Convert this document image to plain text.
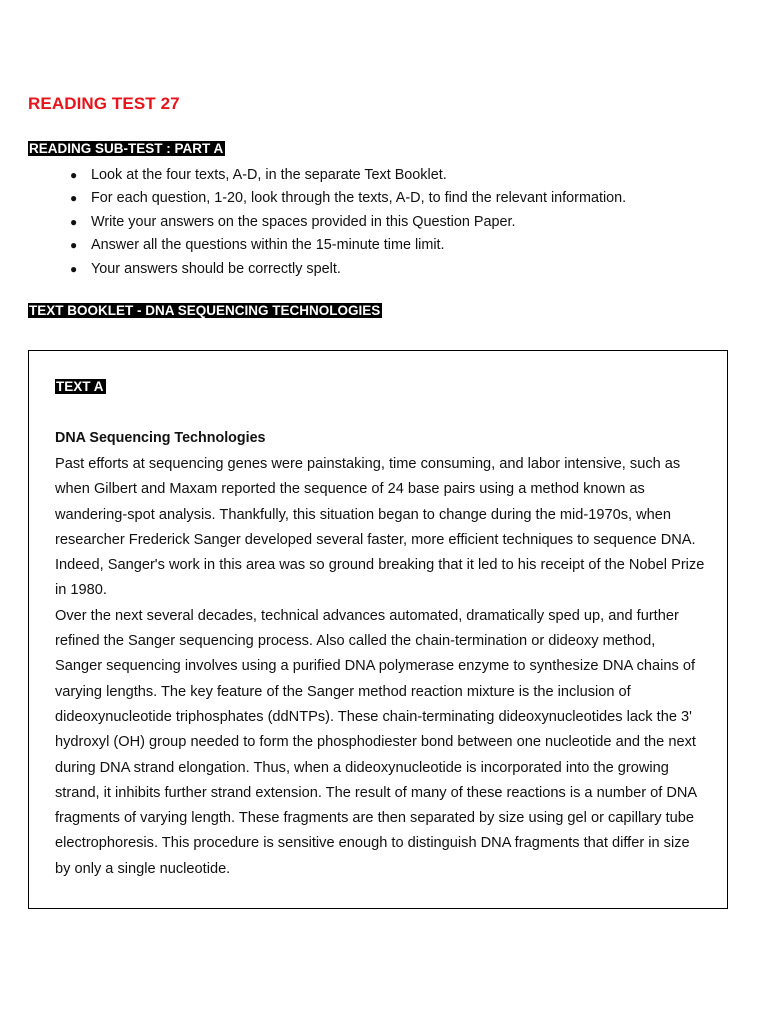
READING TEST 27
READING SUB-TEST : PART A
● Look at the four texts, A-D, in the separate Text Booklet.
● For each question, 1-20, look through the texts, A-D, to find the relevant information.
● Write your answers on the spaces provided in this Question Paper.
● Answer all the questions within the 15-minute time limit.
● Your answers should be correctly spelt.
TEXT BOOKLET - DNA SEQUENCING TECHNOLOGIES
TEXT A
DNA Sequencing Technologies

Past efforts at sequencing genes were painstaking, time consuming, and labor intensive, such as when Gilbert and Maxam reported the sequence of 24 base pairs using a method known as wandering-spot analysis. Thankfully, this situation began to change during the mid-1970s, when researcher Frederick Sanger developed several faster, more efficient techniques to sequence DNA. Indeed, Sanger's work in this area was so ground breaking that it led to his receipt of the Nobel Prize in 1980.

Over the next several decades, technical advances automated, dramatically sped up, and further refined the Sanger sequencing process. Also called the chain-termination or dideoxy method, Sanger sequencing involves using a purified DNA polymerase enzyme to synthesize DNA chains of varying lengths. The key feature of the Sanger method reaction mixture is the inclusion of dideoxynucleotide triphosphates (ddNTPs). These chain-terminating dideoxynucleotides lack the 3' hydroxyl (OH) group needed to form the phosphodiester bond between one nucleotide and the next during DNA strand elongation. Thus, when a dideoxynucleotide is incorporated into the growing strand, it inhibits further strand extension. The result of many of these reactions is a number of DNA fragments of varying length. These fragments are then separated by size using gel or capillary tube electrophoresis. This procedure is sensitive enough to distinguish DNA fragments that differ in size by only a single nucleotide.
